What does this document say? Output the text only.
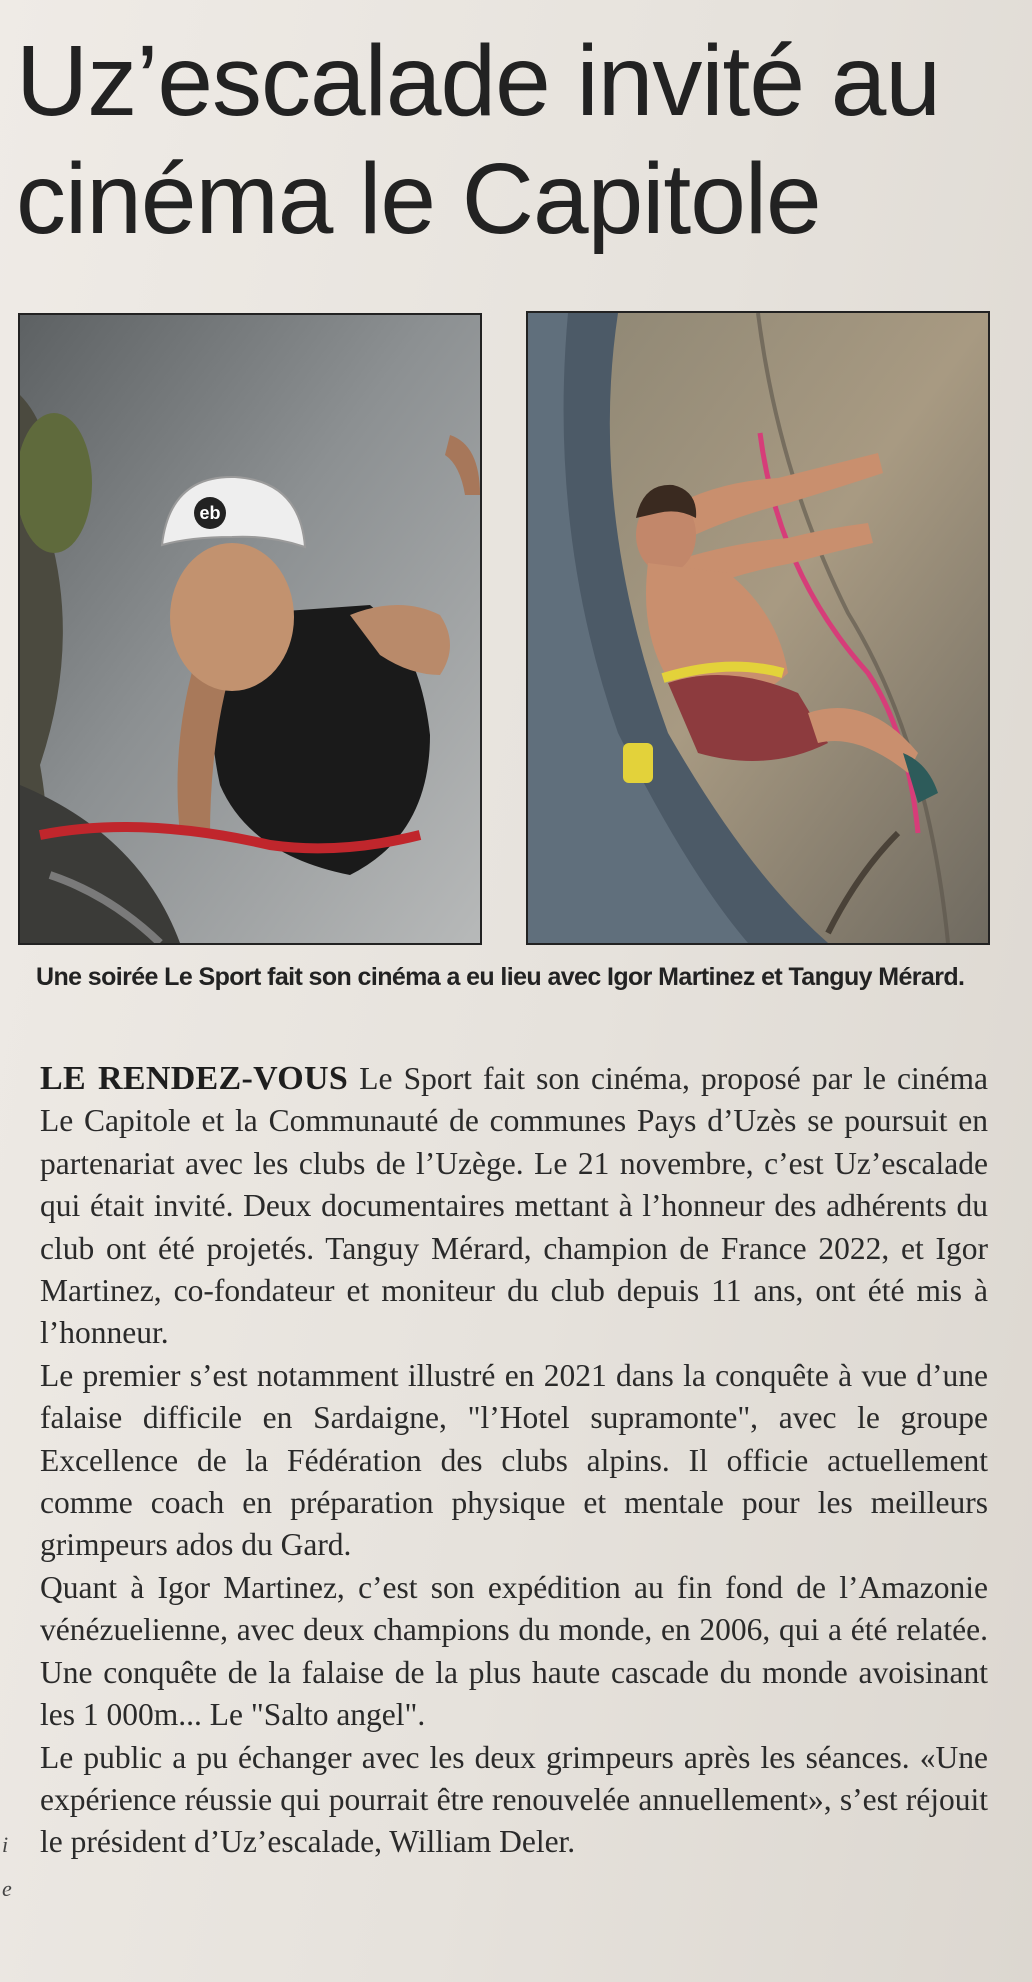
Uz’escalade invité au cinéma le Capitole
eb

Une soirée Le Sport fait son cinéma a eu lieu avec Igor Martinez et Tanguy Mérard.

LE RENDEZ-VOUS Le Sport fait son cinéma, proposé par le cinéma Le Capitole et la Communauté de communes Pays d’Uzès se poursuit en partenariat avec les clubs de l’Uzège. Le 21 novembre, c’est Uz’escalade qui était invité. Deux documentaires mettant à l’honneur des adhérents du club ont été projetés. Tanguy Mérard, champion de France 2022, et Igor Martinez, co-fondateur et moniteur du club depuis 11 ans, ont été mis à l’honneur.

Le premier s’est notamment illustré en 2021 dans la conquête à vue d’une falaise difficile en Sardaigne, "l’Hotel supramonte", avec le groupe Excellence de la Fédération des clubs alpins. Il officie actuellement comme coach en préparation physique et mentale pour les meilleurs grimpeurs ados du Gard.

Quant à Igor Martinez, c’est son expédition au fin fond de l’Amazonie vénézuelienne, avec deux champions du monde, en 2006, qui a été relatée. Une conquête de la falaise de la plus haute cascade du monde avoisinant les 1 000m... Le "Salto angel".

Le public a pu échanger avec les deux grimpeurs après les séances. «Une expérience réussie qui pourrait être renouvelée annuellement», s’est réjouit le président d’Uz’escalade, William Deler.

i
e
